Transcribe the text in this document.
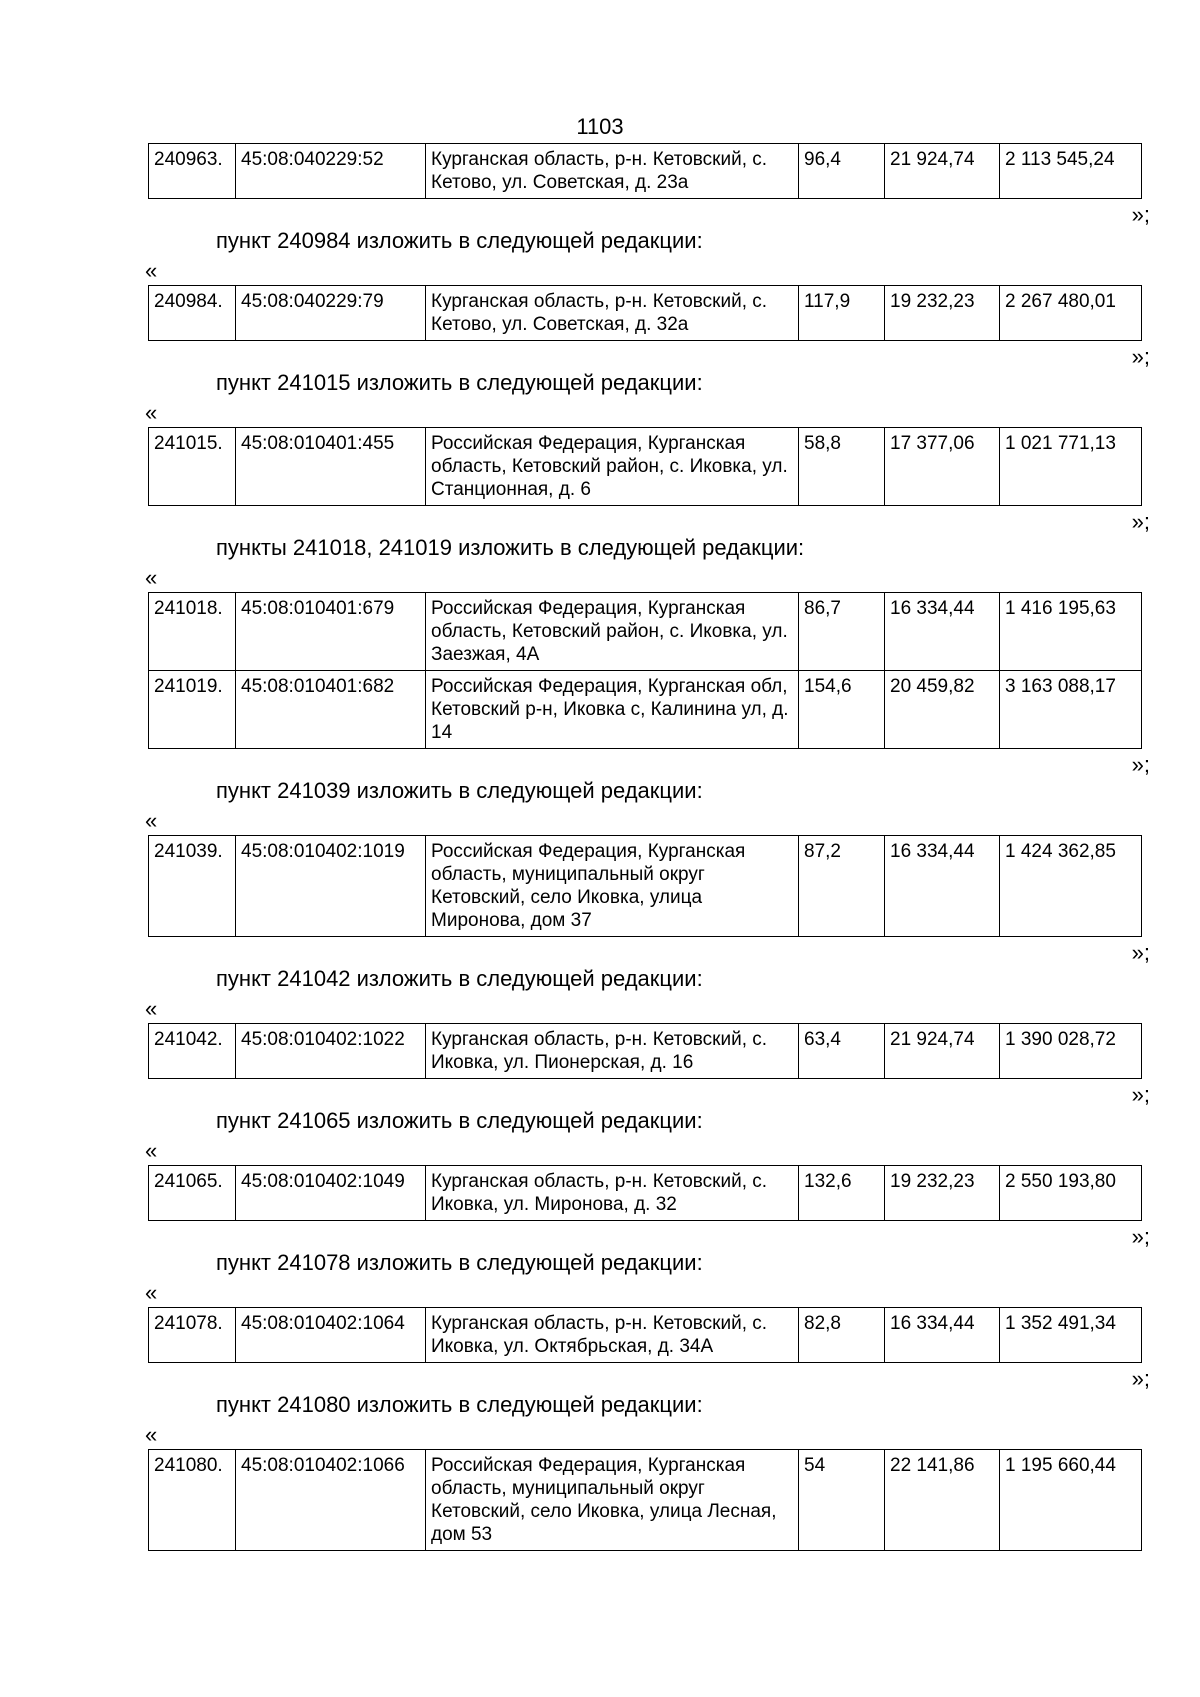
1103
240963.	45:08:040229:52	Курганская область, р-н. Кетовский, с. Кетово, ул. Советская, д. 23а	96,4	21 924,74	2 113 545,24
»;
пункт 240984 изложить в следующей редакции:
«
240984.	45:08:040229:79	Курганская область, р-н. Кетовский, с. Кетово, ул. Советская, д. 32а	117,9	19 232,23	2 267 480,01
»;
пункт 241015 изложить в следующей редакции:
«
241015.	45:08:010401:455	Российская Федерация, Курганская область, Кетовский район, с. Иковка, ул. Станционная, д. 6	58,8	17 377,06	1 021 771,13
»;
пункты 241018, 241019 изложить в следующей редакции:
«
241018.	45:08:010401:679	Российская Федерация, Курганская область, Кетовский район, с. Иковка, ул. Заезжая, 4А	86,7	16 334,44	1 416 195,63
241019.	45:08:010401:682	Российская Федерация, Курганская обл, Кетовский р-н, Иковка с, Калинина ул, д. 14	154,6	20 459,82	3 163 088,17
»;
пункт 241039 изложить в следующей редакции:
«
241039.	45:08:010402:1019	Российская Федерация, Курганская область, муниципальный округ Кетовский, село Иковка, улица Миронова, дом 37	87,2	16 334,44	1 424 362,85
»;
пункт 241042 изложить в следующей редакции:
«
241042.	45:08:010402:1022	Курганская область, р-н. Кетовский, с. Иковка, ул. Пионерская, д. 16	63,4	21 924,74	1 390 028,72
»;
пункт 241065 изложить в следующей редакции:
«
241065.	45:08:010402:1049	Курганская область, р-н. Кетовский, с. Иковка, ул. Миронова, д. 32	132,6	19 232,23	2 550 193,80
»;
пункт 241078 изложить в следующей редакции:
«
241078.	45:08:010402:1064	Курганская область, р-н. Кетовский, с. Иковка, ул. Октябрьская, д. 34А	82,8	16 334,44	1 352 491,34
»;
пункт 241080 изложить в следующей редакции:
«
241080.	45:08:010402:1066	Российская Федерация, Курганская область, муниципальный округ Кетовский, село Иковка, улица Лесная, дом 53	54	22 141,86	1 195 660,44
